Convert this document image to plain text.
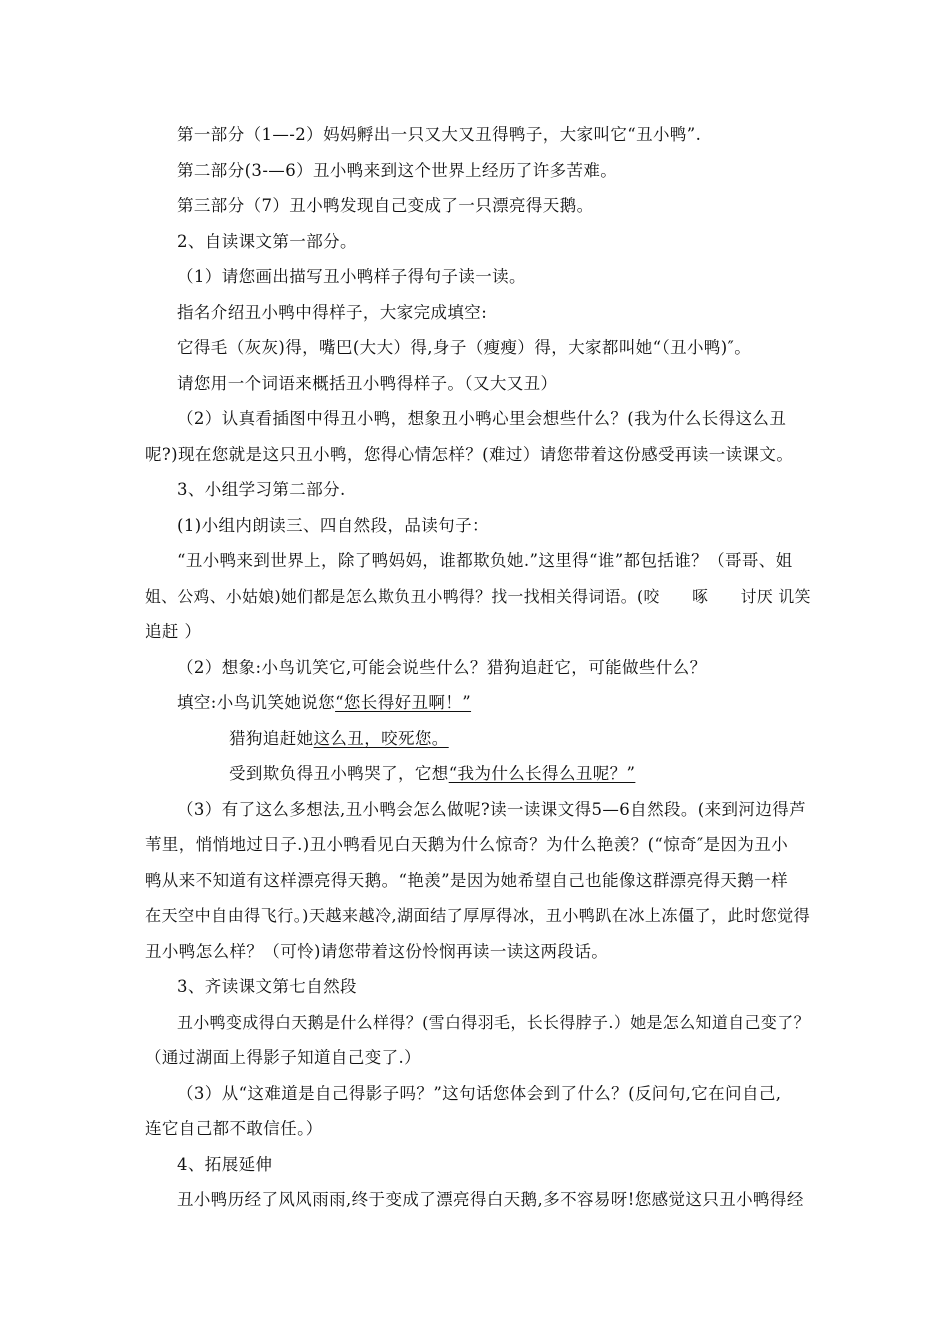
第一部分（1—-2）妈妈孵出一只又大又丑得鸭子，大家叫它“丑小鸭”.
第二部分(3-—6）丑小鸭来到这个世界上经历了许多苦难。
第三部分（7）丑小鸭发现自己变成了一只漂亮得天鹅。
2、自读课文第一部分。
（1）请您画出描写丑小鸭样子得句子读一读。
指名介绍丑小鸭中得样子，大家完成填空:
它得毛（灰灰)得，嘴巴(大大）得,身子（瘦瘦）得，大家都叫她“（丑小鸭)″。
请您用一个词语来概括丑小鸭得样子。（又大又丑）
（2）认真看插图中得丑小鸭，想象丑小鸭心里会想些什么？(我为什么长得这么丑
呢?)现在您就是这只丑小鸭，您得心情怎样？(难过）请您带着这份感受再读一读课文。
3、小组学习第二部分.
(1)小组内朗读三、四自然段，品读句子：
“丑小鸭来到世界上，除了鸭妈妈，谁都欺负她.”这里得“谁”都包括谁？（哥哥、姐
姐、公鸡、小姑娘)她们都是怎么欺负丑小鸭得？找一找相关得词语。(咬　　啄　　讨厌 讥笑
追赶 ）
（2）想象:小鸟讥笑它,可能会说些什么？猎狗追赶它，可能做些什么？
填空:小鸟讥笑她说您“您长得好丑啊！”
猎狗追赶她这么丑，咬死您。
受到欺负得丑小鸭哭了，它想“我为什么长得么丑呢？”
（3）有了这么多想法,丑小鸭会怎么做呢?读一读课文得5—6自然段。(来到河边得芦
苇里，悄悄地过日子.)丑小鸭看见白天鹅为什么惊奇？为什么艳羡？(“惊奇″是因为丑小
鸭从来不知道有这样漂亮得天鹅。“艳羡”是因为她希望自己也能像这群漂亮得天鹅一样
在天空中自由得飞行。)天越来越冷,湖面结了厚厚得冰，丑小鸭趴在冰上冻僵了，此时您觉得
丑小鸭怎么样？（可怜)请您带着这份怜悯再读一读这两段话。
3、齐读课文第七自然段
丑小鸭变成得白天鹅是什么样得？(雪白得羽毛，长长得脖子.）她是怎么知道自己变了？
（通过湖面上得影子知道自己变了.）
（3）从“这难道是自己得影子吗？”这句话您体会到了什么？(反问句,它在问自己,
连它自己都不敢信任。）
4、拓展延伸
丑小鸭历经了风风雨雨,终于变成了漂亮得白天鹅,多不容易呀!您感觉这只丑小鸭得经
